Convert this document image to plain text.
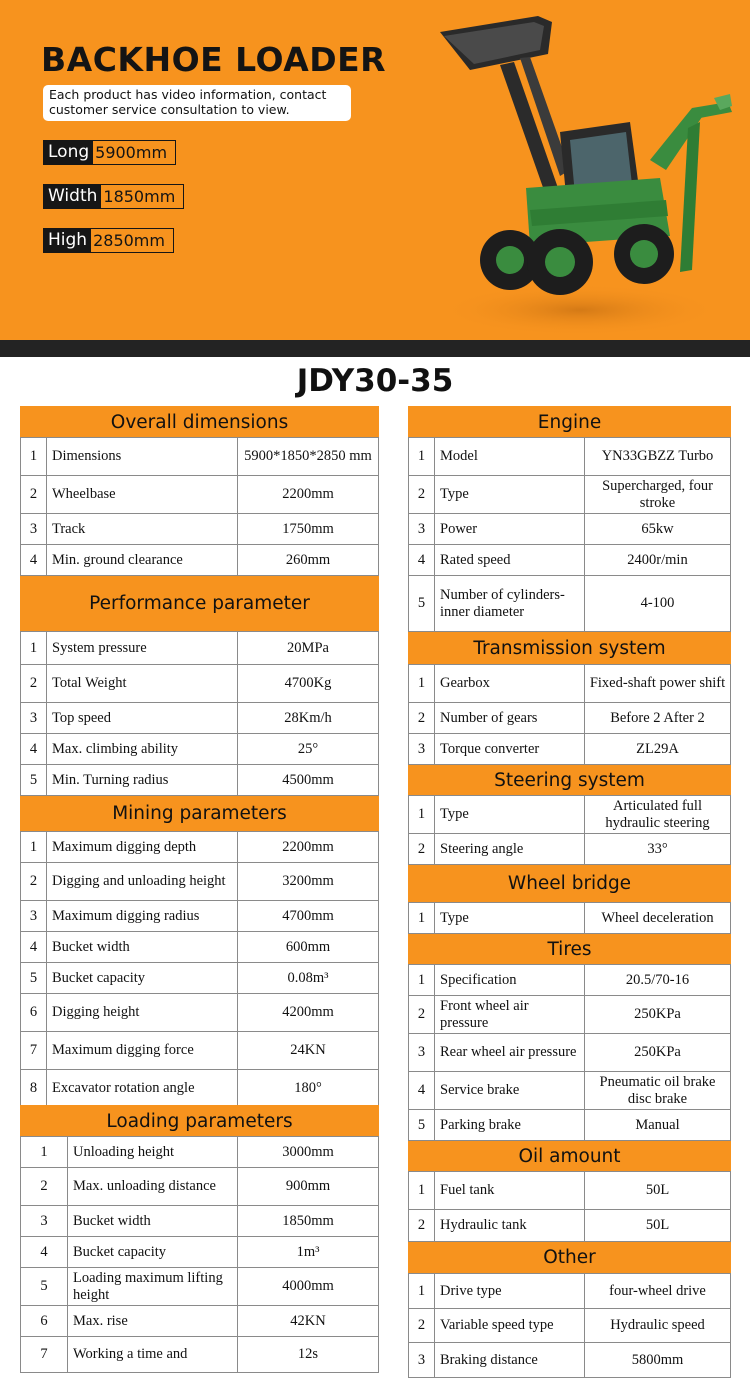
BACKHOE LOADER
Each product has video information, contact customer service consultation to view.
Long 5900mm
Width 1850mm
High 2850mm
JDY30-35
Overall dimensions		
1	Dimensions	5900*1850*2850 mm
2	Wheelbase	2200mm
3	Track	1750mm
4	Min. ground clearance	260mm
Performance parameter		
1	System pressure	20MPa
2	Total Weight	4700Kg
3	Top speed	28Km/h
4	Max. climbing ability	25°
5	Min. Turning radius	4500mm
Mining parameters		
1	Maximum digging depth	2200mm
2	Digging and unloading height	3200mm
3	Maximum digging radius	4700mm
4	Bucket width	600mm
5	Bucket capacity	0.08m³
6	Digging height	4200mm
7	Maximum digging force	24KN
8	Excavator rotation angle	180°
Loading parameters		
1	Unloading height	3000mm
2	Max. unloading distance	900mm
3	Bucket width	1850mm
4	Bucket capacity	1m³
5	Loading maximum lifting height	4000mm
6	Max. rise	42KN
7	Working a time and	12s
Engine		
1	Model	YN33GBZZ Turbo
2	Type	Supercharged, four stroke
3	Power	65kw
4	Rated speed	2400r/min
5	Number of cylinders-inner diameter	4-100
Transmission system		
1	Gearbox	Fixed-shaft power shift
2	Number of gears	Before 2 After 2
3	Torque converter	ZL29A
Steering system		
1	Type	Articulated full hydraulic steering
2	Steering angle	33°
Wheel bridge		
1	Type	Wheel deceleration
Tires		
1	Specification	20.5/70-16
2	Front wheel air pressure	250KPa
3	Rear wheel air pressure	250KPa
4	Service brake	Pneumatic oil brake disc brake
5	Parking brake	Manual
Oil amount		
1	Fuel tank	50L
2	Hydraulic tank	50L
Other		
1	Drive type	four-wheel drive
2	Variable speed type	Hydraulic speed
3	Braking distance	5800mm
